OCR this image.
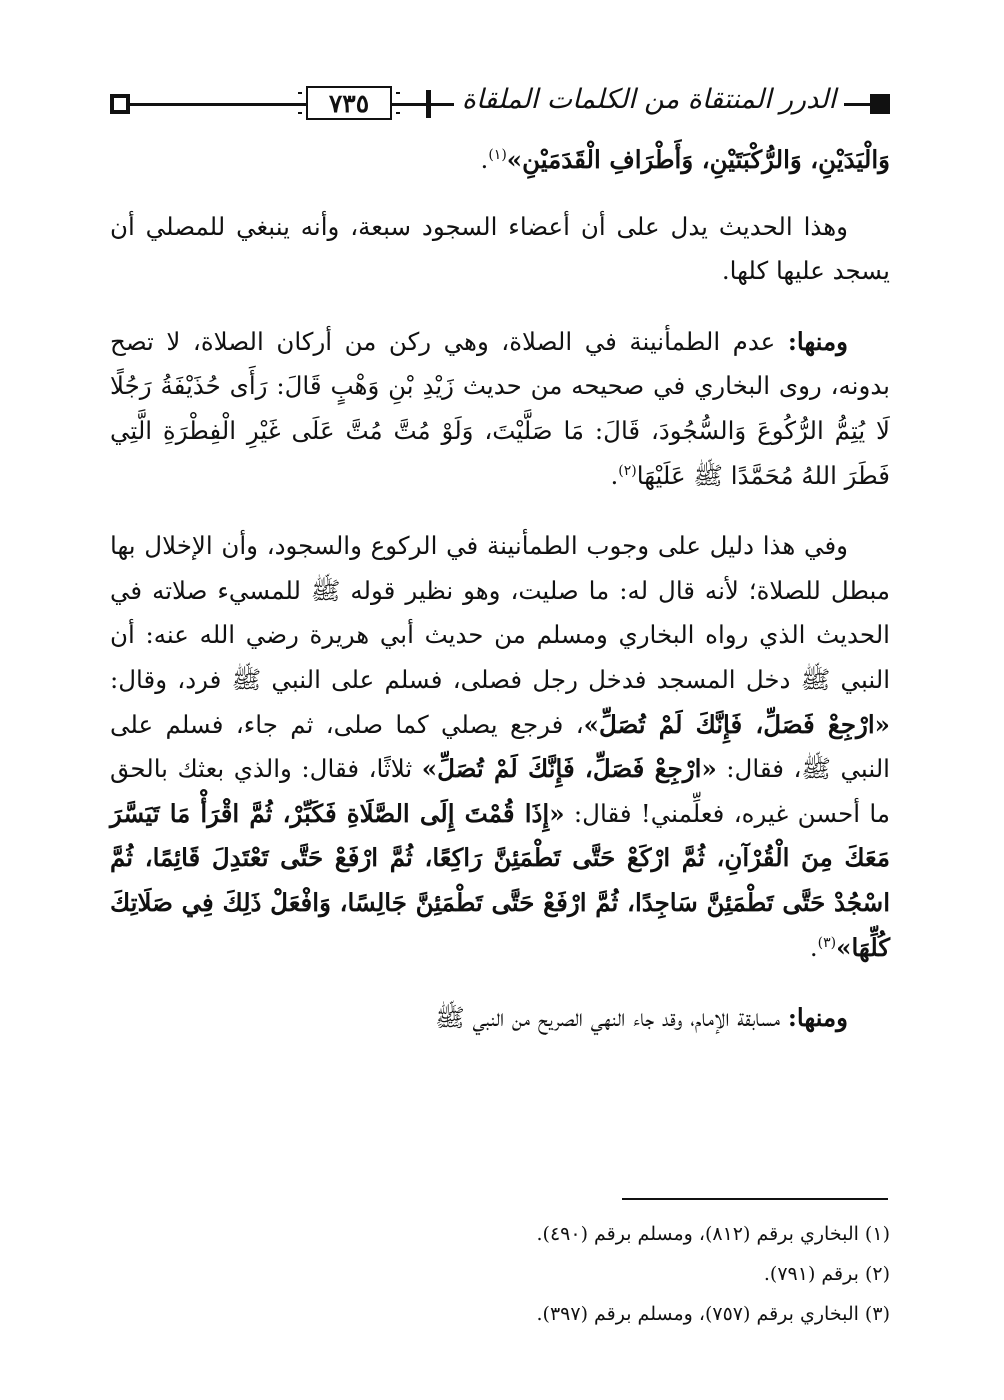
٧٣٥	الدرر المنتقاة من الكلمات الملقاة

وَالْيَدَيْنِ، وَالرُّكْبَتَيْنِ، وَأَطْرَافِ الْقَدَمَيْنِ»$^{(١)}$.

وهذا الحديث يدل على أن أعضاء السجود سبعة، وأنه ينبغي للمصلي أن يسجد عليها كلها.

ومنها: عدم الطمأنينة في الصلاة، وهي ركن من أركان الصلاة، لا تصح بدونه، روى البخاري في صحيحه من حديث زَيْدِ بْنِ وَهْبٍ قَالَ: رَأَى حُذَيْفَةُ رَجُلًا لَا يُتِمُّ الرُّكُوعَ وَالسُّجُودَ، قَالَ: مَا صَلَّيْتَ، وَلَوْ مُتَّ مُتَّ عَلَى غَيْرِ الْفِطْرَةِ الَّتِي فَطَرَ اللهُ مُحَمَّدًا ﷺ عَلَيْهَا$^{(٢)}$.

وفي هذا دليل على وجوب الطمأنينة في الركوع والسجود، وأن الإخلال بها مبطل للصلاة؛ لأنه قال له: ما صليت، وهو نظير قوله ﷺ للمسيء صلاته في الحديث الذي رواه البخاري ومسلم من حديث أبي هريرة رضي الله عنه: أن النبي ﷺ دخل المسجد فدخل رجل فصلى، فسلم على النبي ﷺ فرد، وقال: «ارْجِعْ فَصَلِّ، فَإِنَّكَ لَمْ تُصَلِّ»، فرجع يصلي كما صلى، ثم جاء، فسلم على النبي ﷺ، فقال: «ارْجِعْ فَصَلِّ، فَإِنَّكَ لَمْ تُصَلِّ» ثلاثًا، فقال: والذي بعثك بالحق ما أحسن غيره، فعلِّمني! فقال: «إِذَا قُمْتَ إِلَى الصَّلَاةِ فَكَبِّرْ، ثُمَّ اقْرَأْ مَا تَيَسَّرَ مَعَكَ مِنَ الْقُرْآنِ، ثُمَّ ارْكَعْ حَتَّى تَطْمَئِنَّ رَاكِعًا، ثُمَّ ارْفَعْ حَتَّى تَعْتَدِلَ قَائِمًا، ثُمَّ اسْجُدْ حَتَّى تَطْمَئِنَّ سَاجِدًا، ثُمَّ ارْفَعْ حَتَّى تَطْمَئِنَّ جَالِسًا، وَافْعَلْ ذَلِكَ فِي صَلَاتِكَ كُلِّهَا»$^{(٣)}$.

ومنها: مسابقة الإمام، وقد جاء النهي الصريح من النبي ﷺ

(١) البخاري برقم (٨١٢)، ومسلم برقم (٤٩٠).

(٢) برقم (٧٩١).

(٣) البخاري برقم (٧٥٧)، ومسلم برقم (٣٩٧).
